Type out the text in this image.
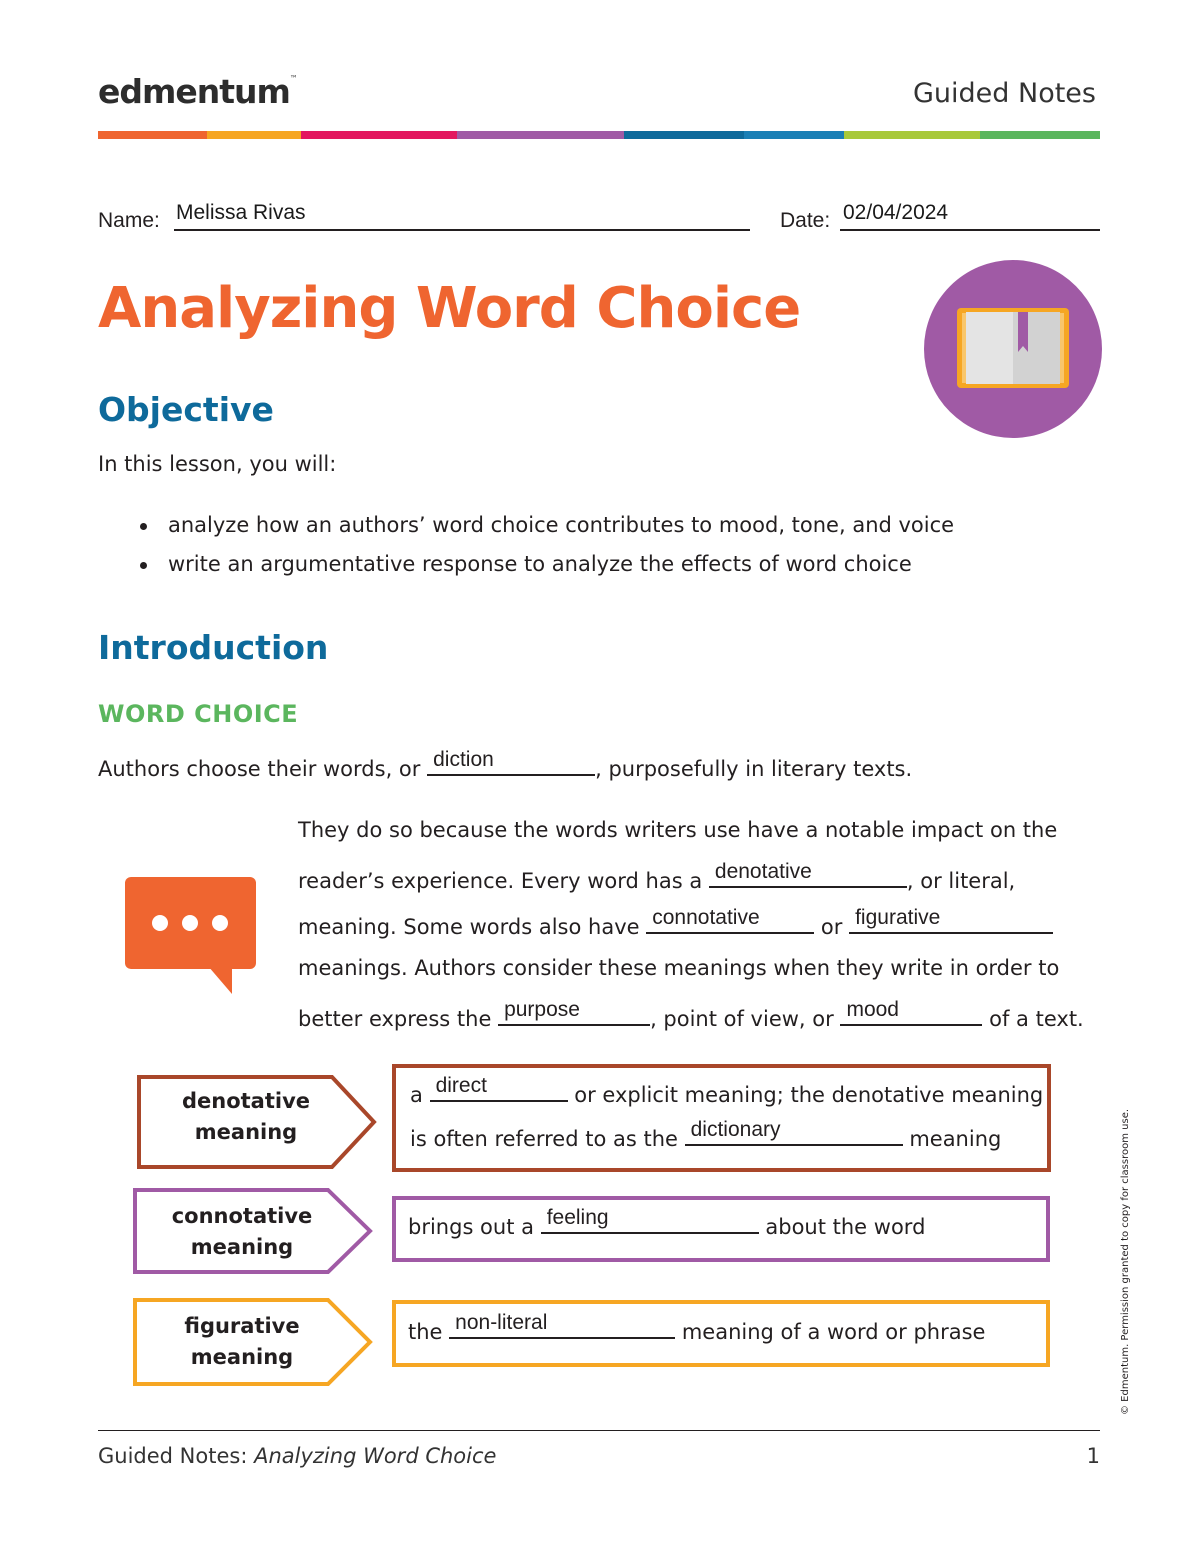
edmentum™	Guided Notes
Name: Melissa Rivas	Date: 02/04/2024
Analyzing Word Choice
Objective
In this lesson, you will:
analyze how an authors’ word choice contributes to mood, tone, and voice
write an argumentative response to analyze the effects of word choice
Introduction
WORD CHOICE
Authors choose their words, or diction	, purposefully in literary texts.
They do so because the words writers use have a notable impact on the
reader’s experience. Every word has a denotative	, or literal,
meaning. Some words also have connotative	or figurative
meanings. Authors consider these meanings when they write in order to
better express the purpose	, point of view, or mood	of a text.
denotative
meaning
a direct	or explicit meaning; the denotative meaning
is often referred to as the dictionary	meaning
connotative
meaning
brings out a feeling	about the word
figurative
meaning
the non-literal	meaning of a word or phrase	© Edmentum. Permission granted to copy for classroom use.
Guided Notes: Analyzing Word Choice	1
